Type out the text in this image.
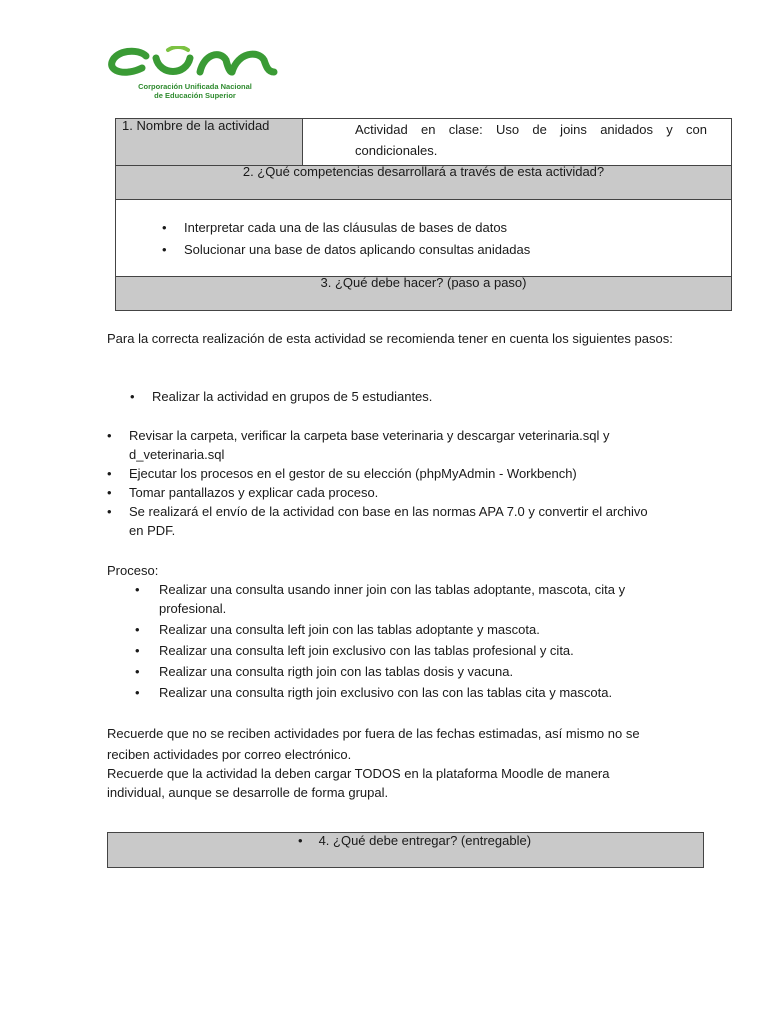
Corporación Unificada Nacional
de Educación Superior
1. Nombre de la actividad	Actividad en clase: Uso de joins anidados y con condicionales.

2. ¿Qué competencias desarrollará a través de esta actividad?

• Interpretar cada una de las cláusulas de bases de datos
• Solucionar una base de datos aplicando consultas anidadas

3. ¿Qué debe hacer? (paso a paso)
Para la correcta realización de esta actividad se recomienda tener en cuenta los siguientes pasos:
• Realizar la actividad en grupos de 5 estudiantes.
• Revisar la carpeta, verificar la carpeta base veterinaria y descargar veterinaria.sql y d_veterinaria.sql
• Ejecutar los procesos en el gestor de su elección (phpMyAdmin - Workbench)
• Tomar pantallazos y explicar cada proceso.
• Se realizará el envío de la actividad con base en las normas APA 7.0 y convertir el archivo en PDF.
Proceso:
• Realizar una consulta usando inner join con las tablas adoptante, mascota, cita y profesional.
• Realizar una consulta left join con las tablas adoptante y mascota.
• Realizar una consulta left join exclusivo con las tablas profesional y cita.
• Realizar una consulta rigth join con las tablas dosis y vacuna.
• Realizar una consulta rigth join exclusivo con las con las tablas cita y mascota.
Recuerde que no se reciben actividades por fuera de las fechas estimadas, así mismo no se reciben actividades por correo electrónico.
Recuerde que la actividad la deben cargar TODOS en la plataforma Moodle de manera individual, aunque se desarrolle de forma grupal.
• 4. ¿Qué debe entregar? (entregable)
